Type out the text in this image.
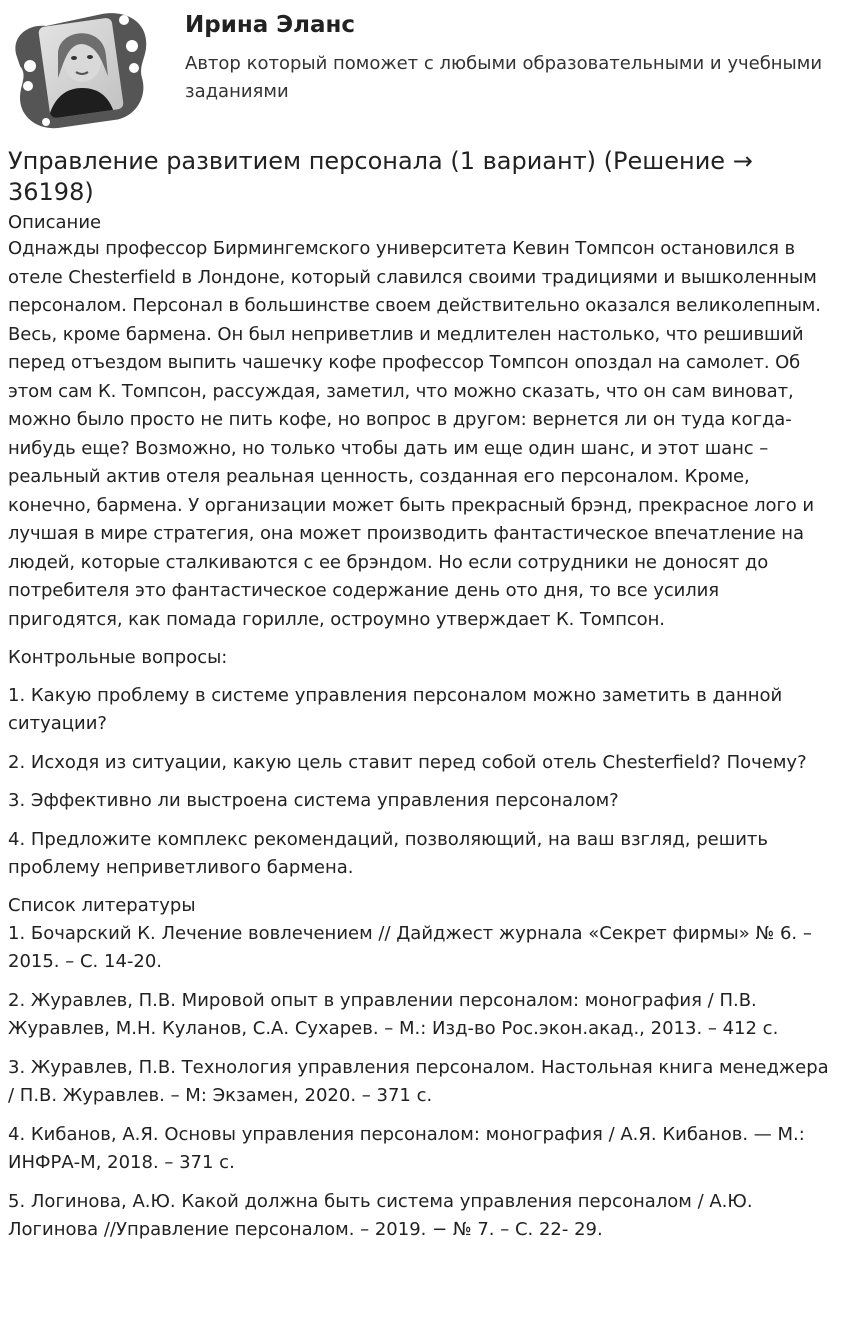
Ирина Эланс

Автор который поможет с любыми образовательными и учебными заданиями

Управление развитием персонала (1 вариант) (Решение → 36198)

Описание

Однажды профессор Бирмингемского университета Кевин Томпсон остановился в отеле Chesterfield в Лондоне, который славился своими традициями и вышколенным персоналом. Персонал в большинстве своем действительно оказался великолепным. Весь, кроме бармена. Он был неприветлив и медлителен настолько, что решивший перед отъездом выпить чашечку кофе профессор Томпсон опоздал на самолет. Об этом сам К. Томпсон, рассуждая, заметил, что можно сказать, что он сам виноват, можно было просто не пить кофе, но вопрос в другом: вернется ли он туда когда-нибудь еще? Возможно, но только чтобы дать им еще один шанс, и этот шанс – реальный актив отеля реальная ценность, созданная его персоналом. Кроме, конечно, бармена. У организации может быть прекрасный брэнд, прекрасное лого и лучшая в мире стратегия, она может производить фантастическое впечатление на людей, которые сталкиваются с ее брэндом. Но если сотрудники не доносят до потребителя это фантастическое содержание день ото дня, то все усилия пригодятся, как помада горилле, остроумно утверждает К. Томпсон.

Контрольные вопросы:

1. Какую проблему в системе управления персоналом можно заметить в данной ситуации?

2. Исходя из ситуации, какую цель ставит перед собой отель Chesterfield? Почему?

3. Эффективно ли выстроена система управления персоналом?

4. Предложите комплекс рекомендаций, позволяющий, на ваш взгляд, решить проблему неприветливого бармена.

Список литературы

1. Бочарский К. Лечение вовлечением // Дайджест журнала «Секрет фирмы» № 6. – 2015. – С. 14-20.

2. Журавлев, П.В. Мировой опыт в управлении персоналом: монография / П.В. Журавлев, М.Н. Куланов, С.А. Сухарев. – М.: Изд-во Рос.экон.акад., 2013. – 412 с.

3. Журавлев, П.В. Технология управления персоналом. Настольная книга менеджера / П.В. Журавлев. – М: Экзамен, 2020. – 371 с.

4. Кибанов, А.Я. Основы управления персоналом: монография / А.Я. Кибанов. — М.: ИНФРА-М, 2018. – 371 с.

5. Логинова, А.Ю. Какой должна быть система управления персоналом / А.Ю. Логинова //Управление персоналом. – 2019. − № 7. – С. 22- 29.
